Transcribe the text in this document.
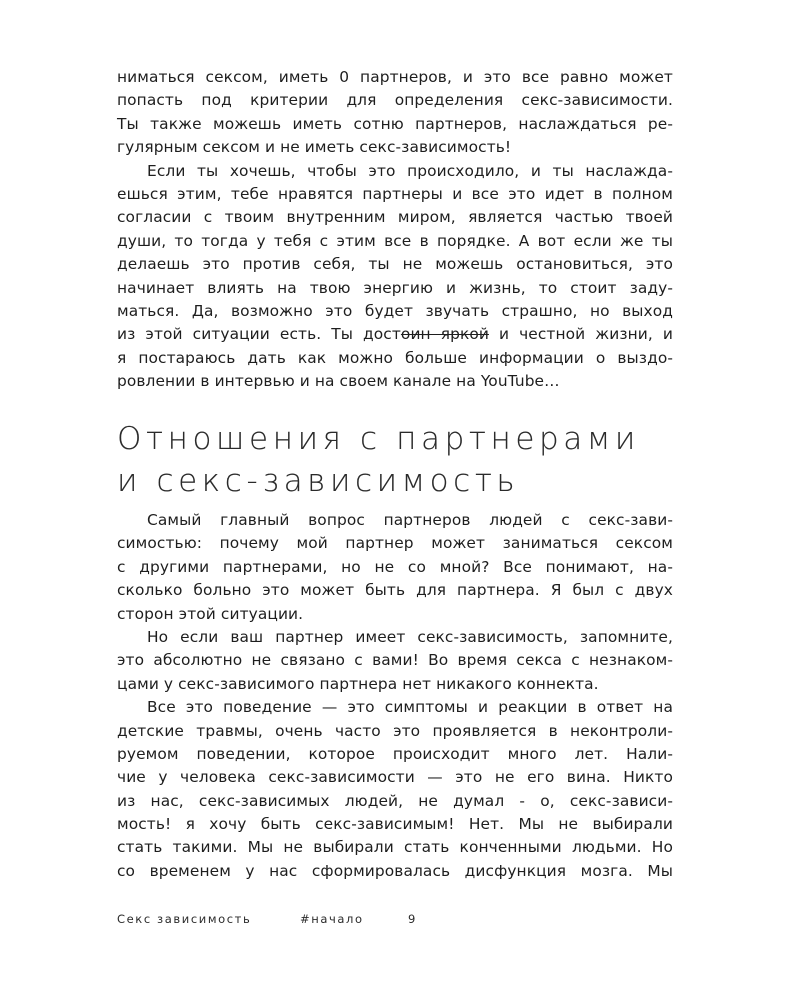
ниматься сексом, иметь 0 партнеров, и это все равно может
попасть под критерии для определения секс-зависимости.
Ты также можешь иметь сотню партнеров, наслаждаться ре-
гулярным сексом и не иметь секс-зависимость!
Если ты хочешь, чтобы это происходило, и ты наслажда-
ешься этим, тебе нравятся партнеры и все это идет в полном
согласии с твоим внутренним миром, является частью твоей
души, то тогда у тебя с этим все в порядке. А вот если же ты
делаешь это против себя, ты не можешь остановиться, это
начинает влиять на твою энергию и жизнь, то стоит заду-
маться. Да, возможно это будет звучать страшно, но выход
из этой ситуации есть. Ты достоин яркой и честной жизни, и
я постараюсь дать как можно больше информации о выздо-
ровлении в интервью и на своем канале на YouTube…
Отношения с партнерами
и секс-зависимость
Самый главный вопрос партнеров людей с секс-зави-
симостью: почему мой партнер может заниматься сексом
с другими партнерами, но не со мной? Все понимают, на-
сколько больно это может быть для партнера. Я был с двух
сторон этой ситуации.
Но если ваш партнер имеет секс-зависимость, запомните,
это абсолютно не связано с вами! Во время секса с незнаком-
цами у секс-зависимого партнера нет никакого коннекта.
Все это поведение — это симптомы и реакции в ответ на
детские травмы, очень часто это проявляется в неконтроли-
руемом поведении, которое происходит много лет. Нали-
чие у человека секс-зависимости — это не его вина. Никто
из нас, секс-зависимых людей, не думал - о, секс-зависи-
мость! я хочу быть секс-зависимым! Нет. Мы не выбирали
стать такими. Мы не выбирали стать конченными людьми. Но
со временем у нас сформировалась дисфункция мозга. Мы
Секс зависимость	#начало	9
